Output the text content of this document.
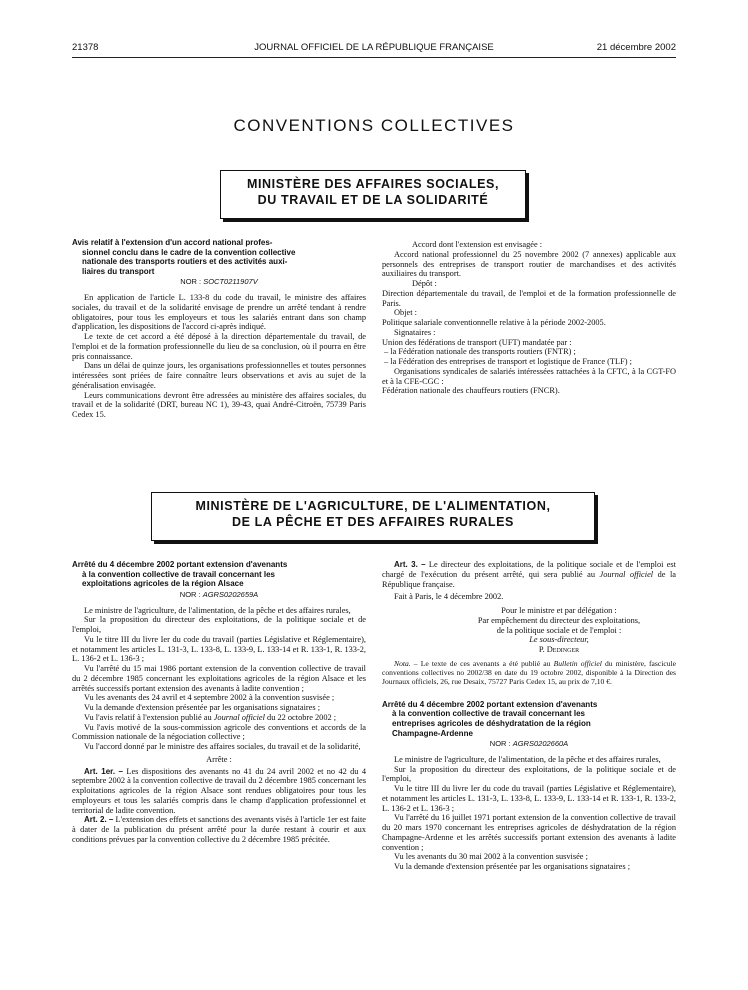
21378	JOURNAL OFFICIEL DE LA RÉPUBLIQUE FRANÇAISE	21 décembre 2002
CONVENTIONS COLLECTIVES
MINISTÈRE DES AFFAIRES SOCIALES,
DU TRAVAIL ET DE LA SOLIDARITÉ
Avis relatif à l'extension d'un accord national profes-
sionnel conclu dans le cadre de la convention collective
nationale des transports routiers et des activités auxi-
liaires du transport

NOR : SOCT0211907V

En application de l'article L. 133-8 du code du travail, le ministre des affaires sociales, du travail et de la solidarité envisage de prendre un arrêté tendant à rendre obligatoires, pour tous les employeurs et tous les salariés entrant dans son champ d'application, les dispositions de l'accord ci-après indiqué.

Le texte de cet accord a été déposé à la direction départementale du travail, de l'emploi et de la formation professionnelle du lieu de sa conclusion, où il pourra en être pris connaissance.

Dans un délai de quinze jours, les organisations professionnelles et toutes personnes intéressées sont priées de faire connaître leurs observations et avis au sujet de la généralisation envisagée.

Leurs communications devront être adressées au ministère des affaires sociales, du travail et de la solidarité (DRT, bureau NC 1), 39-43, quai André-Citroën, 75739 Paris Cedex 15.

Accord dont l'extension est envisagée :

Accord national professionnel du 25 novembre 2002 (7 annexes) applicable aux personnels des entreprises de transport routier de marchandises et des activités auxiliaires du transport.

Dépôt :

Direction départementale du travail, de l'emploi et de la formation professionnelle de Paris.

Objet :

Politique salariale conventionnelle relative à la période 2002-2005.

Signataires :

Union des fédérations de transport (UFT) mandatée par :

– la Fédération nationale des transports routiers (FNTR) ;

– la Fédération des entreprises de transport et logistique de France (TLF) ;

Organisations syndicales de salariés intéressées rattachées à la CFTC, à la CGT-FO et à la CFE-CGC :

Fédération nationale des chauffeurs routiers (FNCR).

MINISTÈRE DE L'AGRICULTURE, DE L'ALIMENTATION,
DE LA PÊCHE ET DES AFFAIRES RURALES
Arrêté du 4 décembre 2002 portant extension d'avenants
à la convention collective de travail concernant les
exploitations agricoles de la région Alsace

NOR : AGRS0202659A

Le ministre de l'agriculture, de l'alimentation, de la pêche et des affaires rurales,

Sur la proposition du directeur des exploitations, de la politique sociale et de l'emploi,

Vu le titre III du livre Ier du code du travail (parties Législative et Réglementaire), et notamment les articles L. 131-3, L. 133-8, L. 133-9, L. 133-14 et R. 133-1, R. 133-2, L. 136-2 et L. 136-3 ;

Vu l'arrêté du 15 mai 1986 portant extension de la convention collective de travail du 2 décembre 1985 concernant les exploitations agricoles de la région Alsace et les arrêtés successifs portant extension des avenants à ladite convention ;

Vu les avenants des 24 avril et 4 septembre 2002 à la convention susvisée ;

Vu la demande d'extension présentée par les organisations signataires ;

Vu l'avis relatif à l'extension publié au Journal officiel du 22 octobre 2002 ;

Vu l'avis motivé de la sous-commission agricole des conventions et accords de la Commission nationale de la négociation collective ;

Vu l'accord donné par le ministre des affaires sociales, du travail et de la solidarité,

Arrête :

Art. 1er. – Les dispositions des avenants no 41 du 24 avril 2002 et no 42 du 4 septembre 2002 à la convention collective de travail du 2 décembre 1985 concernant les exploitations agricoles de la région Alsace sont rendues obligatoires pour tous les employeurs et tous les salariés compris dans le champ d'application professionnel et territorial de ladite convention.

Art. 2. – L'extension des effets et sanctions des avenants visés à l'article 1er est faite à dater de la publication du présent arrêté pour la durée restant à courir et aux conditions prévues par la convention collective du 2 décembre 1985 précitée.

Art. 3. – Le directeur des exploitations, de la politique sociale et de l'emploi est chargé de l'exécution du présent arrêté, qui sera publié au Journal officiel de la République française.

Fait à Paris, le 4 décembre 2002.

Pour le ministre et par délégation :

Par empêchement du directeur des exploitations,

de la politique sociale et de l'emploi :

Le sous-directeur,

P. Dedinger

Nota. – Le texte de ces avenants a été publié au Bulletin officiel du ministère, fascicule conventions collectives no 2002/38 en date du 19 octobre 2002, disponible à la Direction des Journaux officiels, 26, rue Desaix, 75727 Paris Cedex 15, au prix de 7,10 €.

Arrêté du 4 décembre 2002 portant extension d'avenants
à la convention collective de travail concernant les
entreprises agricoles de déshydratation de la région
Champagne-Ardenne

NOR : AGRS0202660A

Le ministre de l'agriculture, de l'alimentation, de la pêche et des affaires rurales,

Sur la proposition du directeur des exploitations, de la politique sociale et de l'emploi,

Vu le titre III du livre Ier du code du travail (parties Législative et Réglementaire), et notamment les articles L. 131-3, L. 133-8, L. 133-9, L. 133-14 et R. 133-1, R. 133-2, L. 136-2 et L. 136-3 ;

Vu l'arrêté du 16 juillet 1971 portant extension de la convention collective de travail du 20 mars 1970 concernant les entreprises agricoles de déshydratation de la région Champagne-Ardenne et les arrêtés successifs portant extension des avenants à ladite convention ;

Vu les avenants du 30 mai 2002 à la convention susvisée ;

Vu la demande d'extension présentée par les organisations signataires ;
